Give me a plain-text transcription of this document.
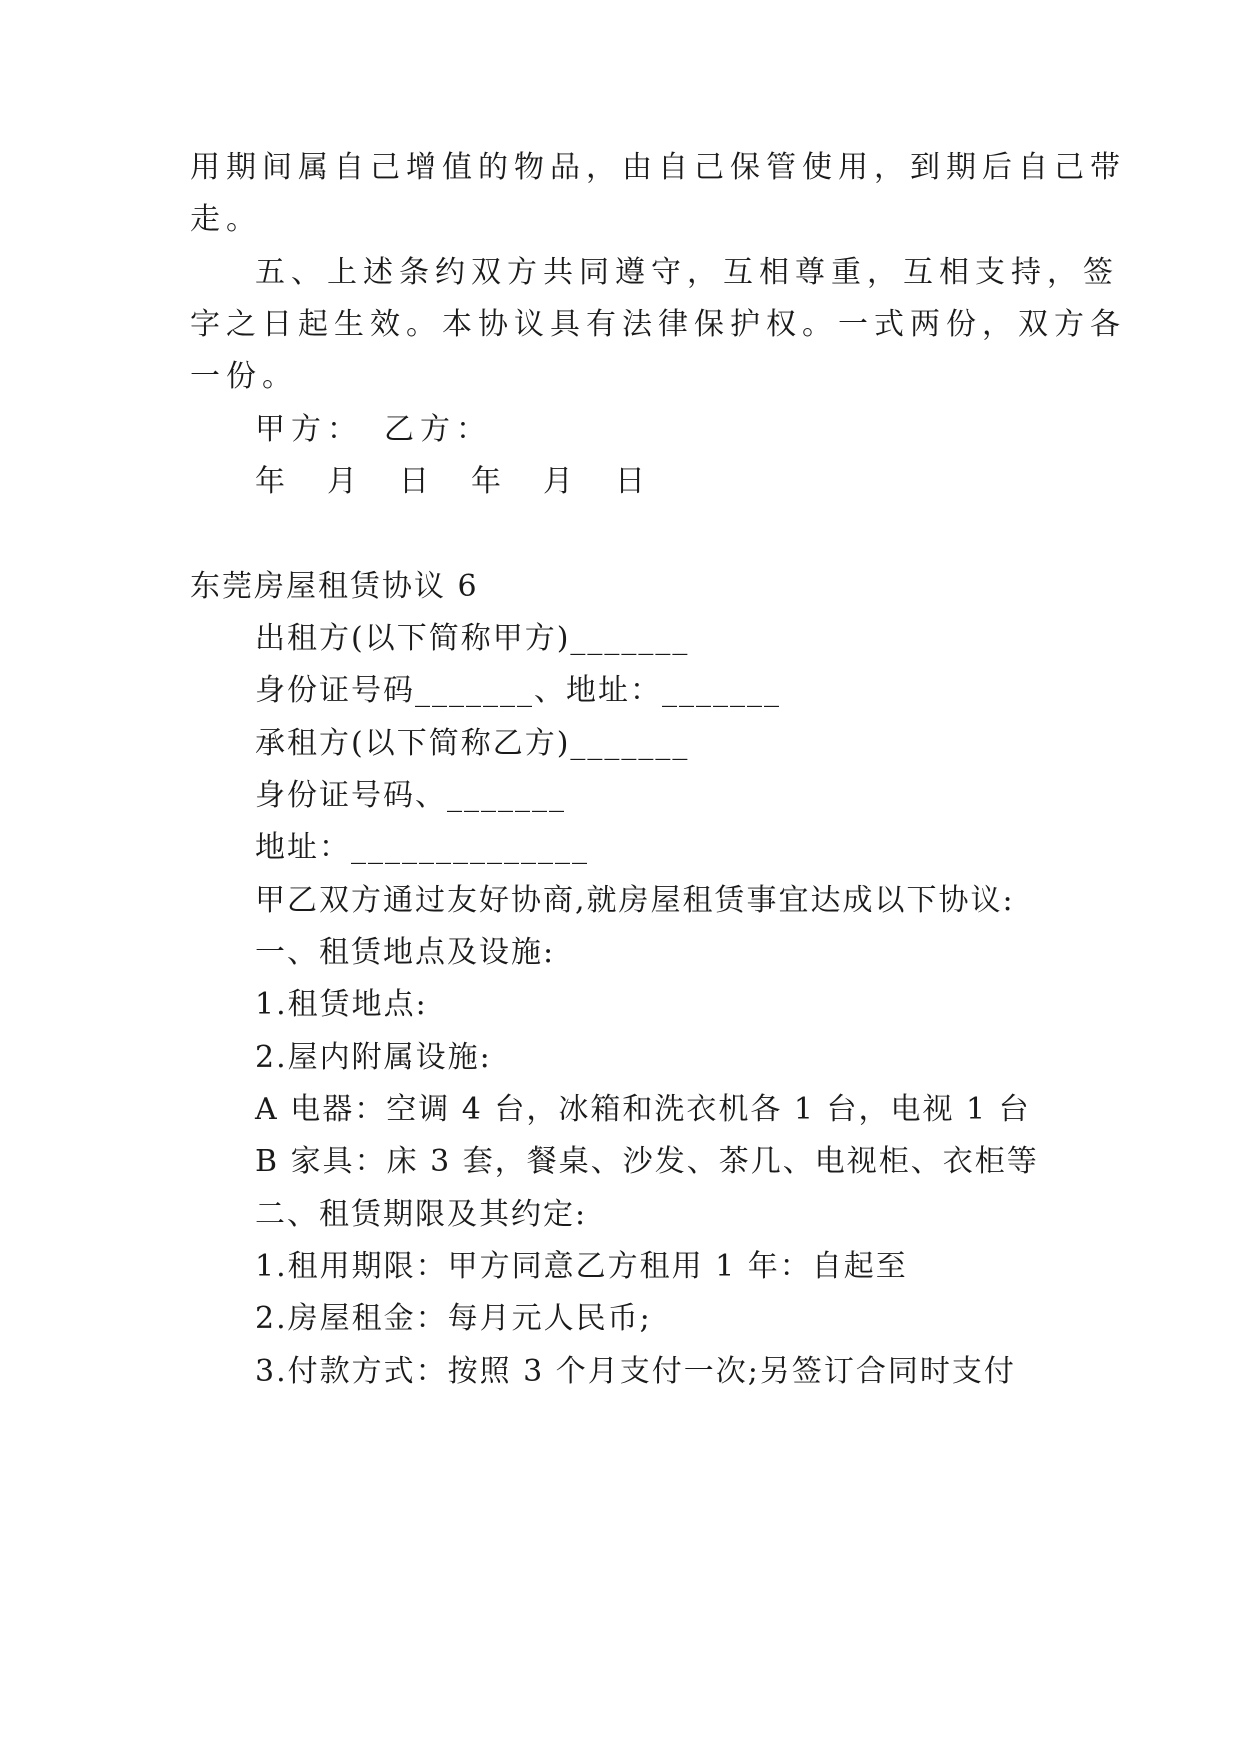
用期间属自己增值的物品，由自己保管使用，到期后自己带
走。
五、上述条约双方共同遵守，互相尊重，互相支持，签
字之日起生效。本协议具有法律保护权。一式两份，双方各
一份。
甲方：　乙方：
年　月　日　年　月　日
东莞房屋租赁协议 6
出租方(以下简称甲方)_______
身份证号码_______、地址：_______
承租方(以下简称乙方)_______
身份证号码、_______
地址：______________
甲乙双方通过友好协商,就房屋租赁事宜达成以下协议:
一、租赁地点及设施:
1.租赁地点:
2.屋内附属设施:
A 电器：空调 4 台，冰箱和洗衣机各 1 台，电视 1 台
B 家具：床 3 套，餐桌、沙发、茶几、电视柜、衣柜等
二、租赁期限及其约定:
1.租用期限：甲方同意乙方租用 1 年：自起至
2.房屋租金：每月元人民币;
3.付款方式：按照 3 个月支付一次;另签订合同时支付
